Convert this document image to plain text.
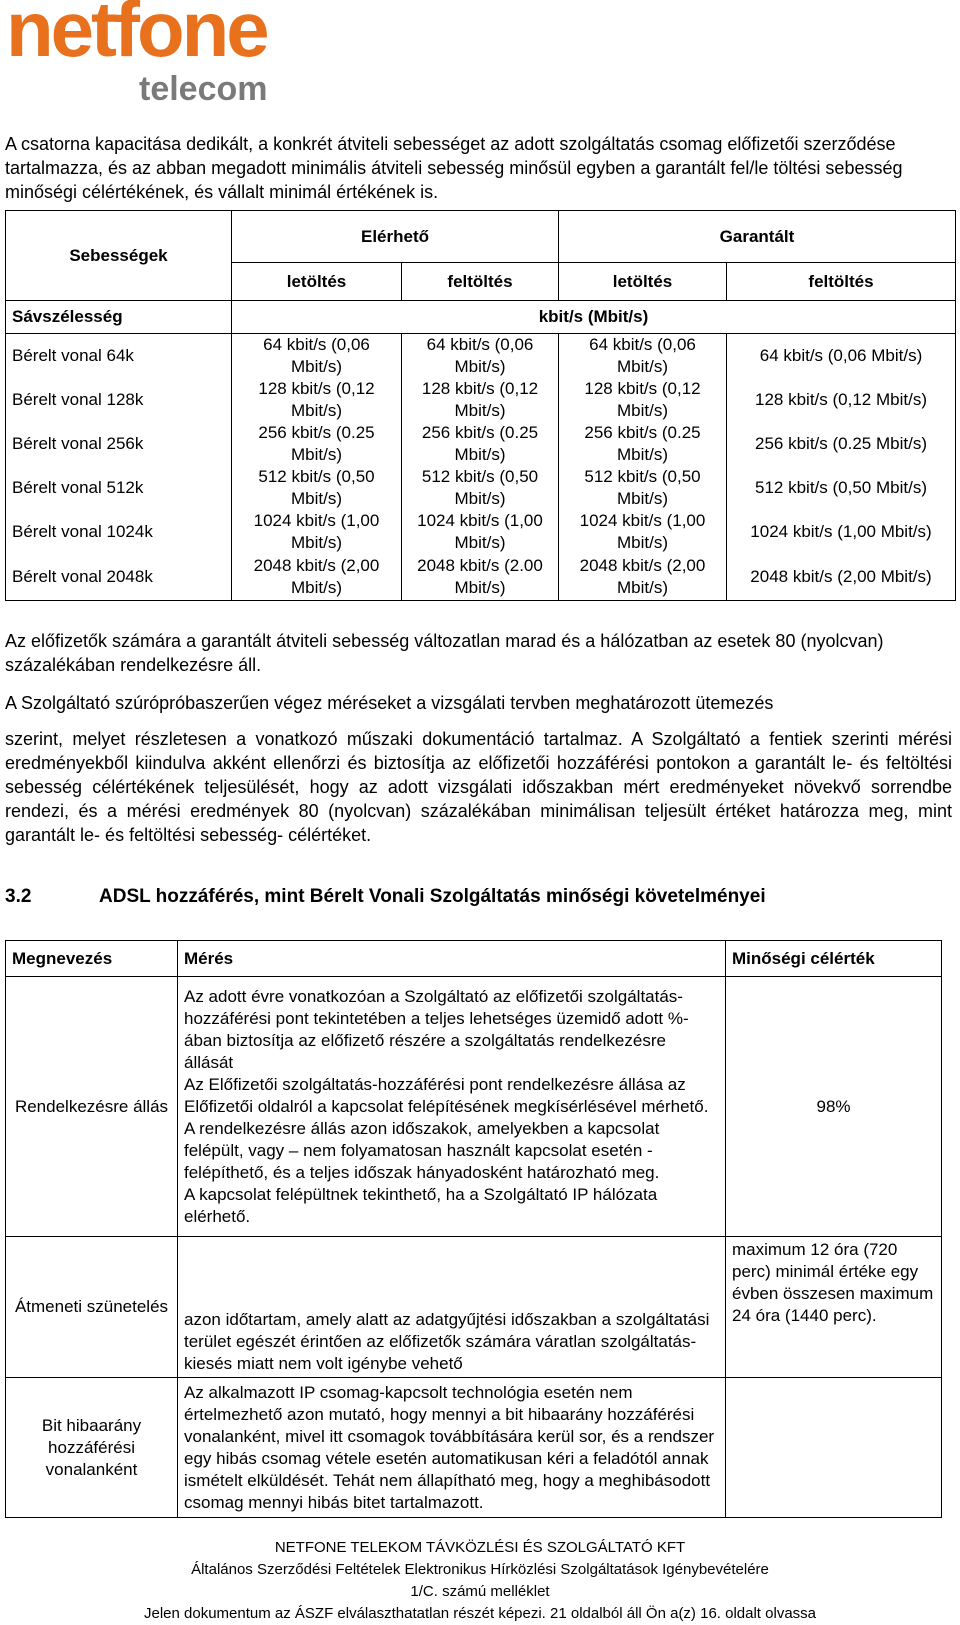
netfone
telecom

A csatorna kapacitása dedikált, a konkrét átviteli sebességet az adott szolgáltatás csomag előfizetői szerződése tartalmazza, és az abban megadott minimális átviteli sebesség minősül egyben a garantált fel/le töltési sebesség minőségi célértékének, és vállalt minimál értékének is.

Sebességek	Elérhető		Garantált	
	letöltés	feltöltés	letöltés	feltöltés
Sávszélesség	kbit/s (Mbit/s)			
Bérelt vonal 64k	64 kbit/s (0,06 Mbit/s)	64 kbit/s (0,06 Mbit/s)	64 kbit/s (0,06 Mbit/s)	64 kbit/s (0,06 Mbit/s)
Bérelt vonal 128k	128 kbit/s (0,12 Mbit/s)	128 kbit/s (0,12 Mbit/s)	128 kbit/s (0,12 Mbit/s)	128 kbit/s (0,12 Mbit/s)
Bérelt vonal 256k	256 kbit/s (0.25 Mbit/s)	256 kbit/s (0.25 Mbit/s)	256 kbit/s (0.25 Mbit/s)	256 kbit/s (0.25 Mbit/s)
Bérelt vonal 512k	512 kbit/s (0,50 Mbit/s)	512 kbit/s (0,50 Mbit/s)	512 kbit/s (0,50 Mbit/s)	512 kbit/s (0,50 Mbit/s)
Bérelt vonal 1024k	1024 kbit/s (1,00 Mbit/s)	1024 kbit/s (1,00 Mbit/s)	1024 kbit/s (1,00 Mbit/s)	1024 kbit/s (1,00 Mbit/s)
Bérelt vonal 2048k	2048 kbit/s (2,00 Mbit/s)	2048 kbit/s (2.00 Mbit/s)	2048 kbit/s (2,00 Mbit/s)	2048 kbit/s (2,00 Mbit/s)

Az előfizetők számára a garantált átviteli sebesség változatlan marad és a hálózatban az esetek 80 (nyolcvan) százalékában rendelkezésre áll.

A Szolgáltató szúrópróbaszerűen végez méréseket a vizsgálati tervben meghatározott ütemezés

szerint, melyet részletesen a vonatkozó műszaki dokumentáció tartalmaz. A Szolgáltató a fentiek szerinti mérési eredményekből kiindulva akként ellenőrzi és biztosítja az előfizetői hozzáférési pontokon a garantált le- és feltöltési sebesség célértékének teljesülését, hogy az adott vizsgálati időszakban mért eredményeket növekvő sorrendbe rendezi, és a mérési eredmények 80 (nyolcvan) százalékában minimálisan teljesült értéket határozza meg, mint garantált le- és feltöltési sebesség- célértéket.

3.2	ADSL hozzáférés, mint Bérelt Vonali Szolgáltatás minőségi követelményei
Megnevezés	Mérés	Minőségi célérték
Rendelkezésre állás	Az adott évre vonatkozóan a Szolgáltató az előfizetői szolgáltatás-hozzáférési pont tekintetében a teljes lehetséges üzemidő adott %-ában biztosítja az előfizető részére a szolgáltatás rendelkezésre állását
Az Előfizetői szolgáltatás-hozzáférési pont rendelkezésre állása az Előfizetői oldalról a kapcsolat felépítésének megkísérlésével mérhető. A rendelkezésre állás azon időszakok, amelyekben a kapcsolat felépült, vagy – nem folyamatosan használt kapcsolat esetén - felépíthető, és a teljes időszak hányadosként határozható meg.
A kapcsolat felépültnek tekinthető, ha a Szolgáltató IP hálózata elérhető.	98%
Átmeneti szünetelés	azon időtartam, amely alatt az adatgyűjtési időszakban a szolgáltatási terület egészét érintően az előfizetők számára váratlan szolgáltatás-kiesés miatt nem volt igénybe vehető	maximum 12 óra (720 perc) minimál értéke egy évben összesen maximum 24 óra (1440 perc).
Bit hibaarány hozzáférési vonalanként	Az alkalmazott IP csomag-kapcsolt technológia esetén nem értelmezhető azon mutató, hogy mennyi a bit hibaarány hozzáférési vonalanként, mivel itt csomagok továbbítására kerül sor, és a rendszer egy hibás csomag vétele esetén automatikusan kéri a feladótól annak ismételt elküldését. Tehát nem állapítható meg, hogy a meghibásodott csomag mennyi hibás bitet tartalmazott.	
NETFONE TELEKOM TÁVKÖZLÉSI ÉS SZOLGÁLTATÓ KFT
Általános Szerződési Feltételek Elektronikus Hírközlési Szolgáltatások Igénybevételére
1/C. számú melléklet
Jelen dokumentum az ÁSZF elválaszthatatlan részét képezi. 21 oldalból áll Ön a(z) 16. oldalt olvassa
